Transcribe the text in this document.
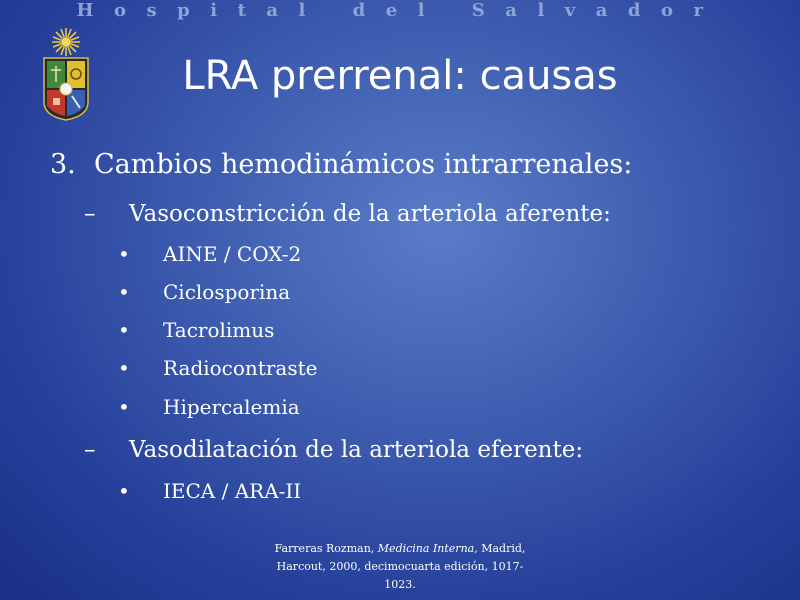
Hospital del Salvador
LRA prerrenal: causas
3. Cambios hemodinámicos intrarrenales:
– Vasoconstricción de la arteriola aferente:
• AINE / COX-2
• Ciclosporina
• Tacrolimus
• Radiocontraste
• Hipercalemia
– Vasodilatación de la arteriola eferente:
• IECA / ARA-II
Farreras Rozman, Medicina Interna, Madrid,
Harcout, 2000, decimocuarta edición, 1017-
1023.
